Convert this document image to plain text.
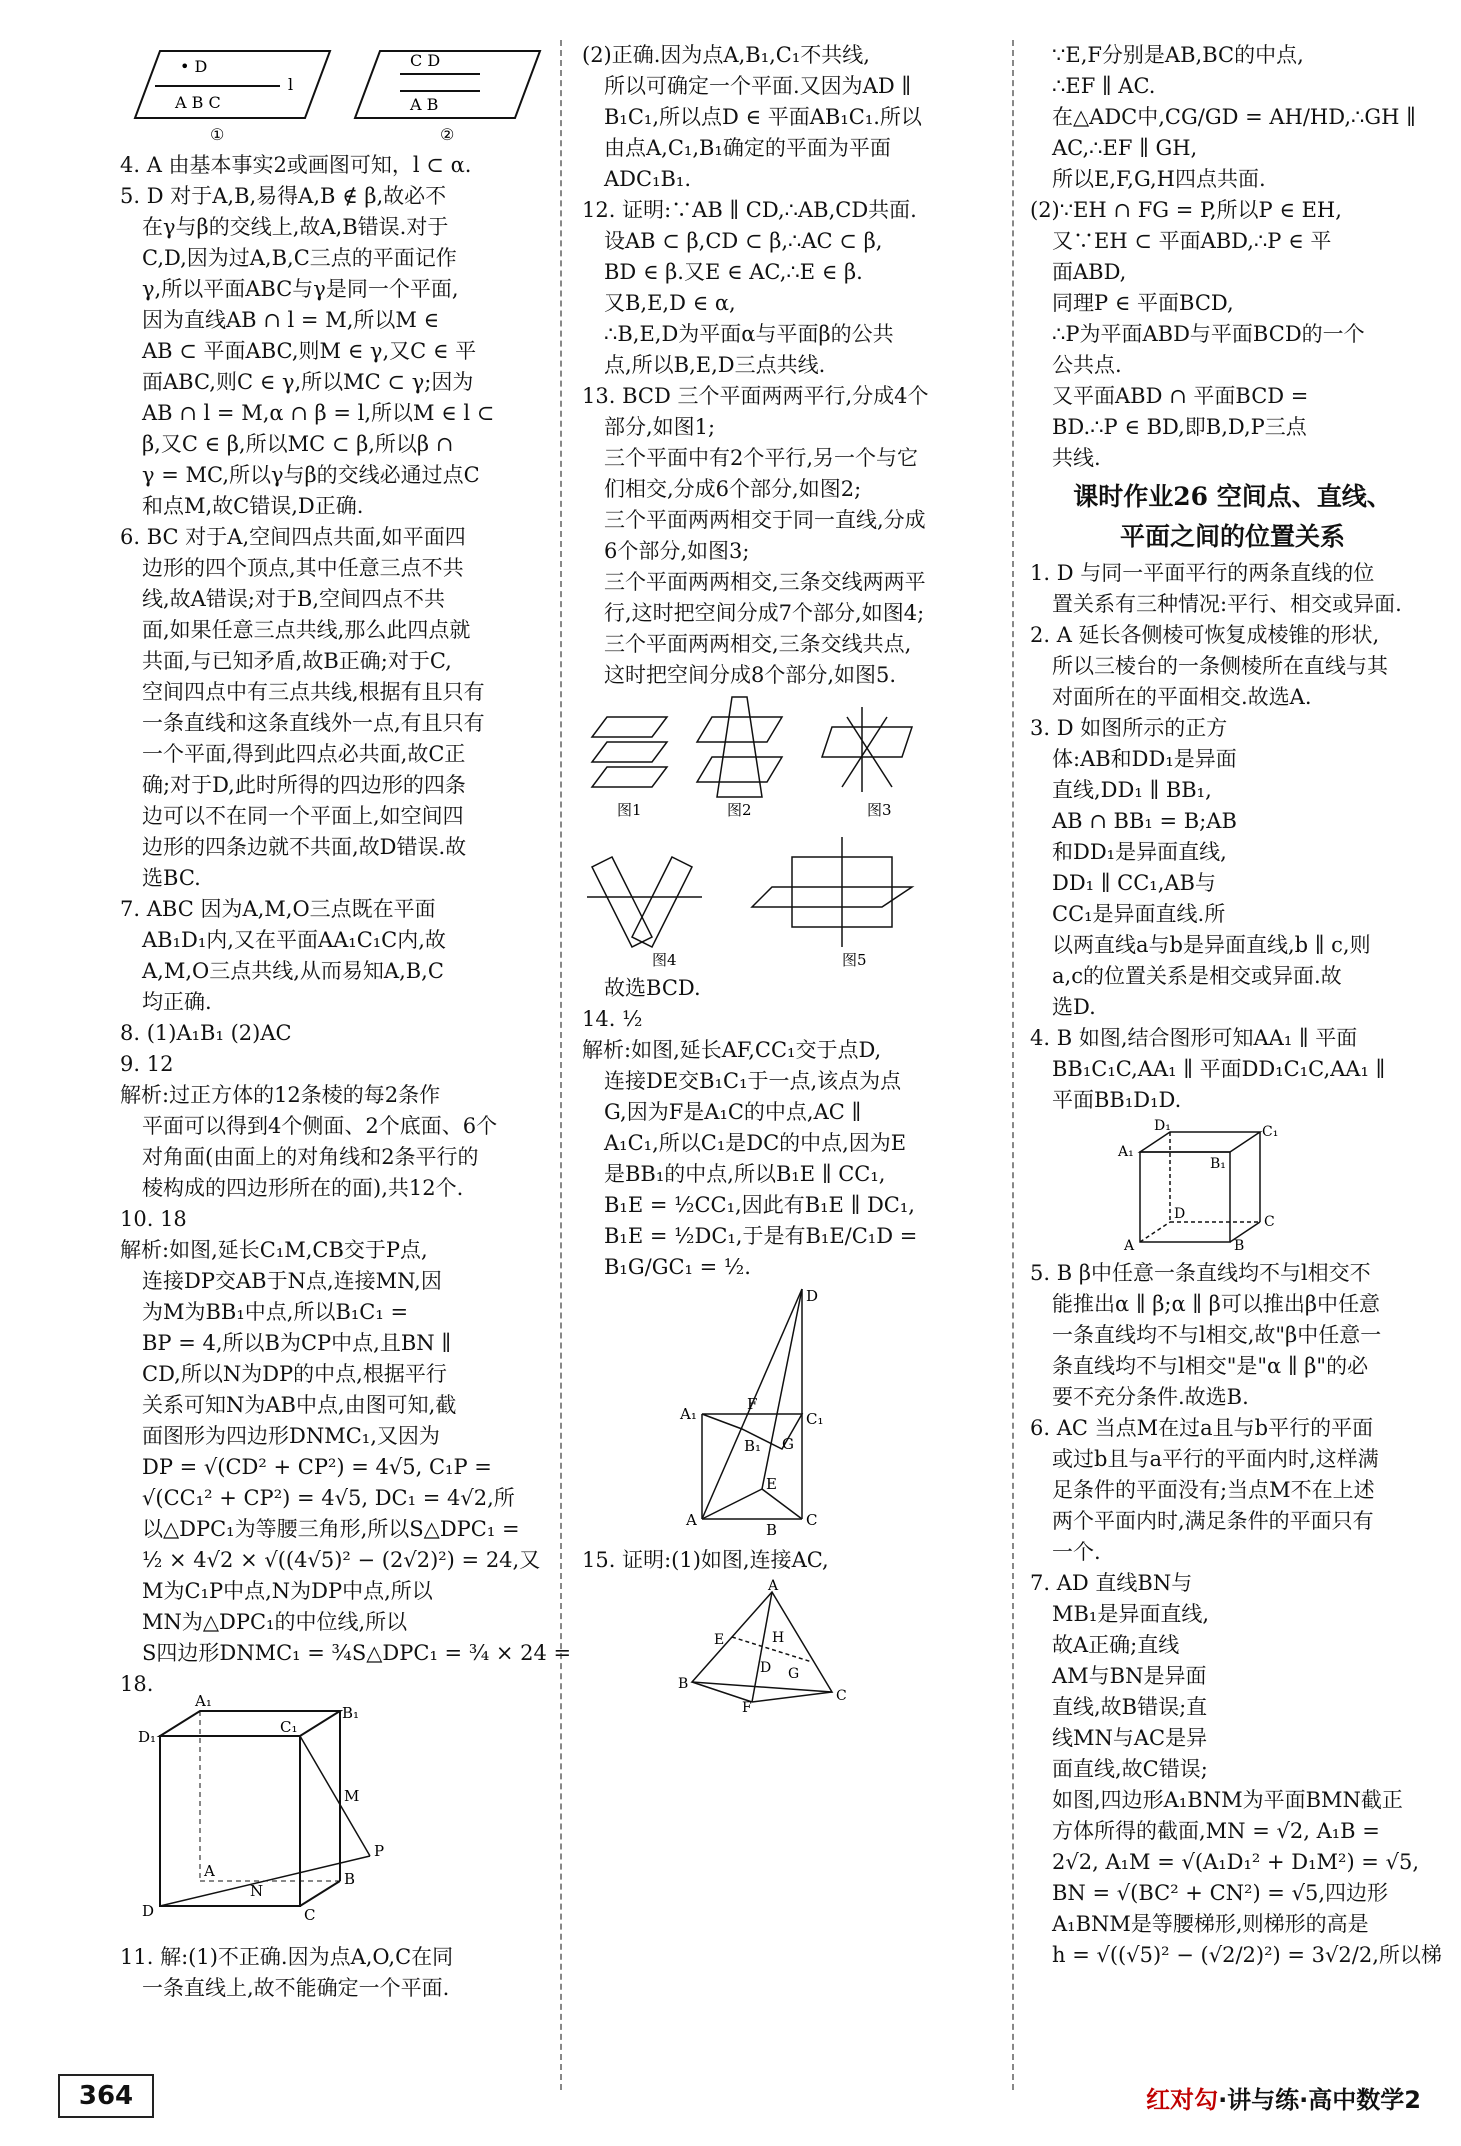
• D
A B C
l
①
C D
A B
②
4. A 由基本事实2或画图可知，l ⊂ α.
5. D 对于A,B,易得A,B ∉ β,故必不
在γ与β的交线上,故A,B错误.对于
C,D,因为过A,B,C三点的平面记作
γ,所以平面ABC与γ是同一个平面,
因为直线AB ∩ l = M,所以M ∈
AB ⊂ 平面ABC,则M ∈ γ,又C ∈ 平
面ABC,则C ∈ γ,所以MC ⊂ γ;因为
AB ∩ l = M,α ∩ β = l,所以M ∈ l ⊂
β,又C ∈ β,所以MC ⊂ β,所以β ∩
γ = MC,所以γ与β的交线必通过点C
和点M,故C错误,D正确.
6. BC 对于A,空间四点共面,如平面四
边形的四个顶点,其中任意三点不共
线,故A错误;对于B,空间四点不共
面,如果任意三点共线,那么此四点就
共面,与已知矛盾,故B正确;对于C,
空间四点中有三点共线,根据有且只有
一条直线和这条直线外一点,有且只有
一个平面,得到此四点必共面,故C正
确;对于D,此时所得的四边形的四条
边可以不在同一个平面上,如空间四
边形的四条边就不共面,故D错误.故
选BC.
7. ABC 因为A,M,O三点既在平面
AB₁D₁内,又在平面AA₁C₁C内,故
A,M,O三点共线,从而易知A,B,C
均正确.
8. (1)A₁B₁ (2)AC
9. 12
解析:过正方体的12条棱的每2条作
平面可以得到4个侧面、2个底面、6个
对角面(由面上的对角线和2条平行的
棱构成的四边形所在的面),共12个.
10. 18
解析:如图,延长C₁M,CB交于P点,
连接DP交AB于N点,连接MN,因
为M为BB₁中点,所以B₁C₁ =
BP = 4,所以B为CP中点,且BN ∥
CD,所以N为DP的中点,根据平行
关系可知N为AB中点,由图可知,截
面图形为四边形DNMC₁,又因为
DP = √(CD² + CP²) = 4√5, C₁P =
√(CC₁² + CP²) = 4√5, DC₁ = 4√2,所
以△DPC₁为等腰三角形,所以S△DPC₁ =
½ × 4√2 × √((4√5)² − (2√2)²) = 24,又
M为C₁P中点,N为DP中点,所以
MN为△DPC₁的中位线,所以
S四边形DNMC₁ = ¾S△DPC₁ = ¾ × 24 =
18.
A₁
B₁
D₁
C₁
M
A	B
P
D
N
C
11. 解:(1)不正确.因为点A,O,C在同
一条直线上,故不能确定一个平面.
(2)正确.因为点A,B₁,C₁不共线,
所以可确定一个平面.又因为AD ∥
B₁C₁,所以点D ∈ 平面AB₁C₁.所以
由点A,C₁,B₁确定的平面为平面
ADC₁B₁.
12. 证明:∵AB ∥ CD,∴AB,CD共面.
设AB ⊂ β,CD ⊂ β,∴AC ⊂ β,
BD ∈ β.又E ∈ AC,∴E ∈ β.
又B,E,D ∈ α,
∴B,E,D为平面α与平面β的公共
点,所以B,E,D三点共线.
13. BCD 三个平面两两平行,分成4个
部分,如图1;
三个平面中有2个平行,另一个与它
们相交,分成6个部分,如图2;
三个平面两两相交于同一直线,分成
6个部分,如图3;
三个平面两两相交,三条交线两两平
行,这时把空间分成7个部分,如图4;
三个平面两两相交,三条交线共点,
这时把空间分成8个部分,如图5.
图1	图2	图3
图4	图5
故选BCD.
14. ½
解析:如图,延长AF,CC₁交于点D,
连接DE交B₁C₁于一点,该点为点
G,因为F是A₁C的中点,AC ∥
A₁C₁,所以C₁是DC的中点,因为E
是BB₁的中点,所以B₁E ∥ CC₁,
B₁E = ½CC₁,因此有B₁E ∥ DC₁,
B₁E = ½DC₁,于是有B₁E/C₁D =
B₁G/GC₁ = ½.
D
F
A₁	C₁
B₁ G
E
A	C
B
15. 证明:(1)如图,连接AC,
A
E	H
B
D G
F
C
∵E,F分别是AB,BC的中点,
∴EF ∥ AC.
在△ADC中,CG/GD = AH/HD,∴GH ∥
AC,∴EF ∥ GH,
所以E,F,G,H四点共面.
(2)∵EH ∩ FG = P,所以P ∈ EH,
又∵EH ⊂ 平面ABD,∴P ∈ 平
面ABD,
同理P ∈ 平面BCD,
∴P为平面ABD与平面BCD的一个
公共点.
又平面ABD ∩ 平面BCD =
BD.∴P ∈ BD,即B,D,P三点
共线.
课时作业26 空间点、直线、
平面之间的位置关系
1. D 与同一平面平行的两条直线的位
置关系有三种情况:平行、相交或异面.
2. A 延长各侧棱可恢复成棱锥的形状,
所以三棱台的一条侧棱所在直线与其
对面所在的平面相交.故选A.
3. D 如图所示的正方
体:AB和DD₁是异面
直线,DD₁ ∥ BB₁,
AB ∩ BB₁ = B;AB
和DD₁是异面直线,
DD₁ ∥ CC₁,AB与
CC₁是异面直线.所
以两直线a与b是异面直线,b ∥ c,则
a,c的位置关系是相交或异面.故
选D.
4. B 如图,结合图形可知AA₁ ∥ 平面
BB₁C₁C,AA₁ ∥ 平面DD₁C₁C,AA₁ ∥
平面BB₁D₁D.
D₁	C₁
A₁
B₁
D	C
A	B
5. B β中任意一条直线均不与l相交不
能推出α ∥ β;α ∥ β可以推出β中任意
一条直线均不与l相交,故"β中任意一
条直线均不与l相交"是"α ∥ β"的必
要不充分条件.故选B.
6. AC 当点M在过a且与b平行的平面
或过b且与a平行的平面内时,这样满
足条件的平面没有;当点M不在上述
两个平面内时,满足条件的平面只有
一个.
7. AD 直线BN与
MB₁是异面直线,
故A正确;直线
AM与BN是异面
直线,故B错误;直
线MN与AC是异
面直线,故C错误;
如图,四边形A₁BNM为平面BMN截正
方体所得的截面,MN = √2, A₁B =
2√2, A₁M = √(A₁D₁² + D₁M²) = √5,
BN = √(BC² + CN²) = √5,四边形
A₁BNM是等腰梯形,则梯形的高是
h = √((√5)² − (√2/2)²) = 3√2/2,所以梯
364	红对勾·讲与练·高中数学2
